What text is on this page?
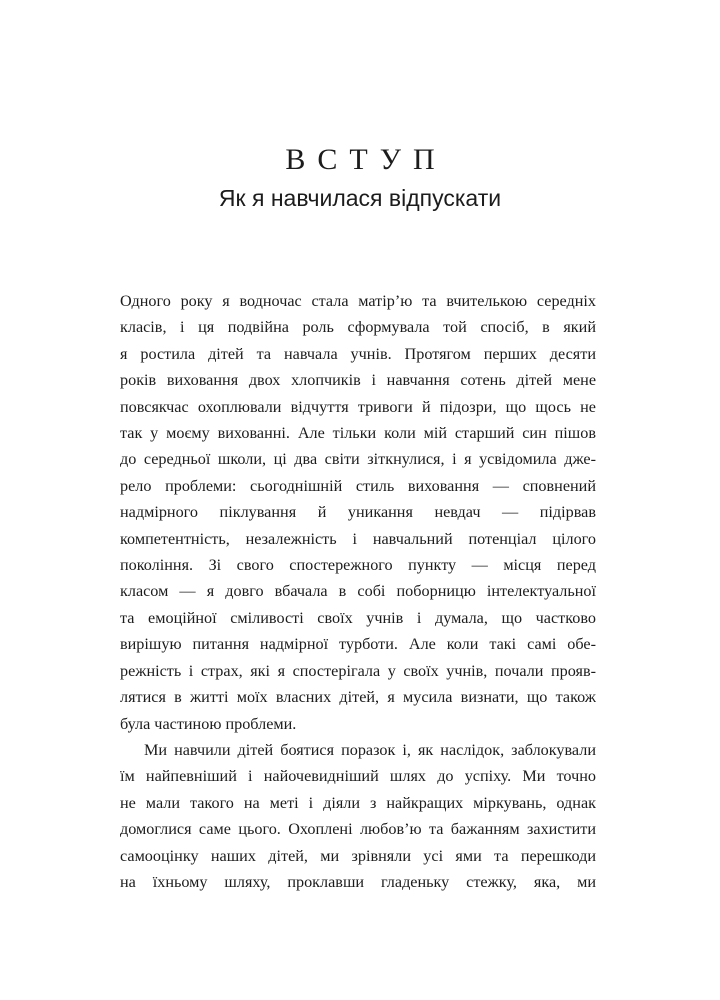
ВСТУП
Як я навчилася відпускати

Одного року я водночас стала матір’ю та вчителькою середніх
класів, і ця подвійна роль сформувала той спосіб, в який
я ростила дітей та навчала учнів. Протягом перших десяти
років виховання двох хлопчиків і навчання сотень дітей мене
повсякчас охоплювали відчуття тривоги й підозри, що щось не
так у моєму вихованні. Але тільки коли мій старший син пішов
до середньої школи, ці два світи зіткнулися, і я усвідомила дже-
рело проблеми: сьогоднішній стиль виховання — сповнений
надмірного піклування й уникання невдач — підірвав
компетентність, незалежність і навчальний потенціал цілого
покоління. Зі свого спостережного пункту — місця перед
класом — я довго вбачала в собі поборницю інтелектуальної
та емоційної сміливості своїх учнів і думала, що частково
вирішую питання надмірної турботи. Але коли такі самі обе-
режність і страх, які я спостерігала у своїх учнів, почали прояв-
лятися в житті моїх власних дітей, я мусила визнати, що також
була частиною проблеми.

Ми навчили дітей боятися поразок і, як наслідок, заблокували
їм найпевніший і найочевидніший шлях до успіху. Ми точно
не мали такого на меті і діяли з найкращих міркувань, однак
домоглися саме цього. Охоплені любов’ю та бажанням захистити
самооцінку наших дітей, ми зрівняли усі ями та перешкоди
на їхньому шляху, проклавши гладеньку стежку, яка, ми
